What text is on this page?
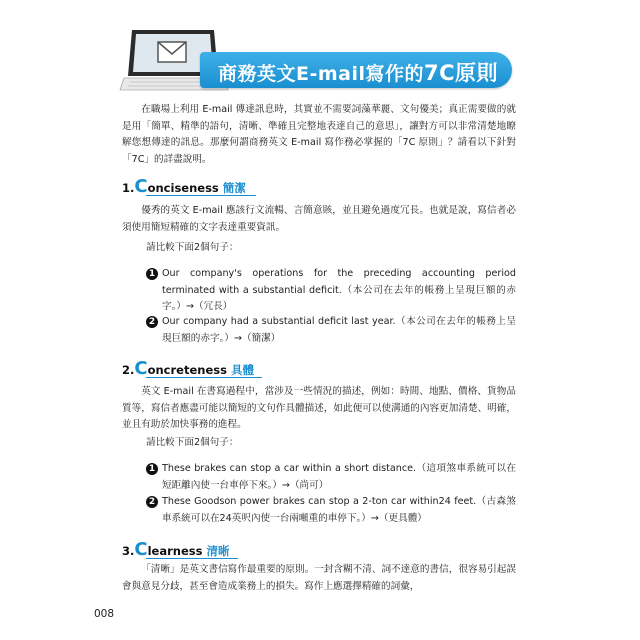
商務英文E-mail寫作的7C原則
在職場上利用 E-mail 傳達訊息時，其實並不需要詞藻華麗、文句優美；真正需要做的就是用「簡單、精準的語句，清晰、準確且完整地表達自己的意思」，讓對方可以非常清楚地瞭解您想傳達的訊息。那麼何謂商務英文 E-mail 寫作務必掌握的「7C 原則」？請看以下針對「7C」的詳盡說明。
1. C onciseness 簡潔
優秀的英文 E-mail 應該行文流暢、言簡意賅，並且避免過度冗長。也就是說，寫信者必須使用簡短精確的文字表達重要資訊。
請比較下面2個句子：
1 Our company's operations for the preceding accounting period terminated with a substantial deficit.（本公司在去年的帳務上呈現巨額的赤字。）→（冗長）
2 Our company had a substantial deficit last year.（本公司在去年的帳務上呈現巨額的赤字。）→（簡潔）
2. C oncreteness 具體
英文 E-mail 在書寫過程中，當涉及一些情況的描述，例如：時間、地點、價格、貨物品質等，寫信者應盡可能以簡短的文句作具體描述，如此便可以使溝通的內容更加清楚、明確，並且有助於加快事務的進程。
請比較下面2個句子：
1 These brakes can stop a car within a short distance.（這項煞車系統可以在短距離內使一台車停下來。）→（尚可）
2 These Goodson power brakes can stop a 2-ton car within24 feet.（古森煞車系統可以在24英呎內使一台兩噸重的車停下。）→（更具體）
3. C learness 清晰
「清晰」是英文書信寫作最重要的原則。一封含糊不清、詞不達意的書信，很容易引起誤會與意見分歧，甚至會造成業務上的損失。寫作上應選擇精確的詞彙，
008
